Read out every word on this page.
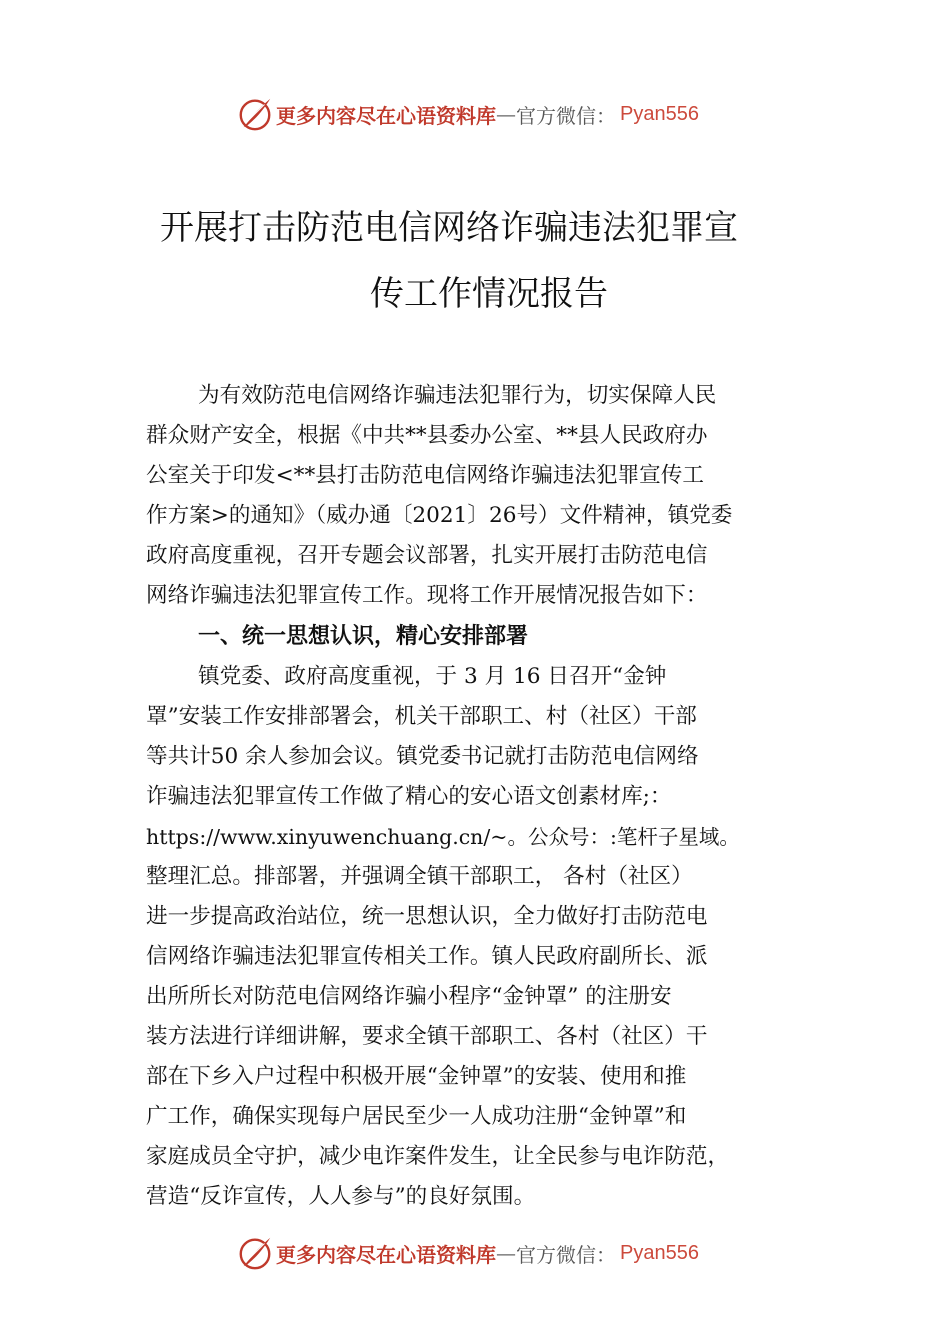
更多内容尽在心语资料库 — 官方微信： Pyan556
开展打击防范电信网络诈骗违法犯罪宣
传工作情况报告
为有效防范电信网络诈骗违法犯罪行为，切实保障人民
群众财产安全，根据《中共**县委办公室、**县人民政府办
公室关于印发<**县打击防范电信网络诈骗违法犯罪宣传工
作方案>的通知》（威办通〔2021〕26号）文件精神，镇党委
政府高度重视，召开专题会议部署，扎实开展打击防范电信
网络诈骗违法犯罪宣传工作。现将工作开展情况报告如下：
一、统一思想认识，精心安排部署
镇党委、政府高度重视，于 3 月 16 日召开“金钟
罩”安装工作安排部署会，机关干部职工、村（社区）干部
等共计50 余人参加会议。镇党委书记就打击防范电信网络
诈骗违法犯罪宣传工作做了精心的安心语文创素材库;：
https://www.xinyuwenchuang.cn/~。公众号：:笔杆子星域。
整理汇总。排部署，并强调全镇干部职工， 各村（社区）
进一步提高政治站位，统一思想认识，全力做好打击防范电
信网络诈骗违法犯罪宣传相关工作。镇人民政府副所长、派
出所所长对防范电信网络诈骗小程序“金钟罩” 的注册安
装方法进行详细讲解，要求全镇干部职工、各村（社区）干
部在下乡入户过程中积极开展“金钟罩”的安装、使用和推
广工作，确保实现每户居民至少一人成功注册“金钟罩”和
家庭成员全守护，减少电诈案件发生，让全民参与电诈防范，
营造“反诈宣传，人人参与”的良好氛围。
更多内容尽在心语资料库 — 官方微信： Pyan556
